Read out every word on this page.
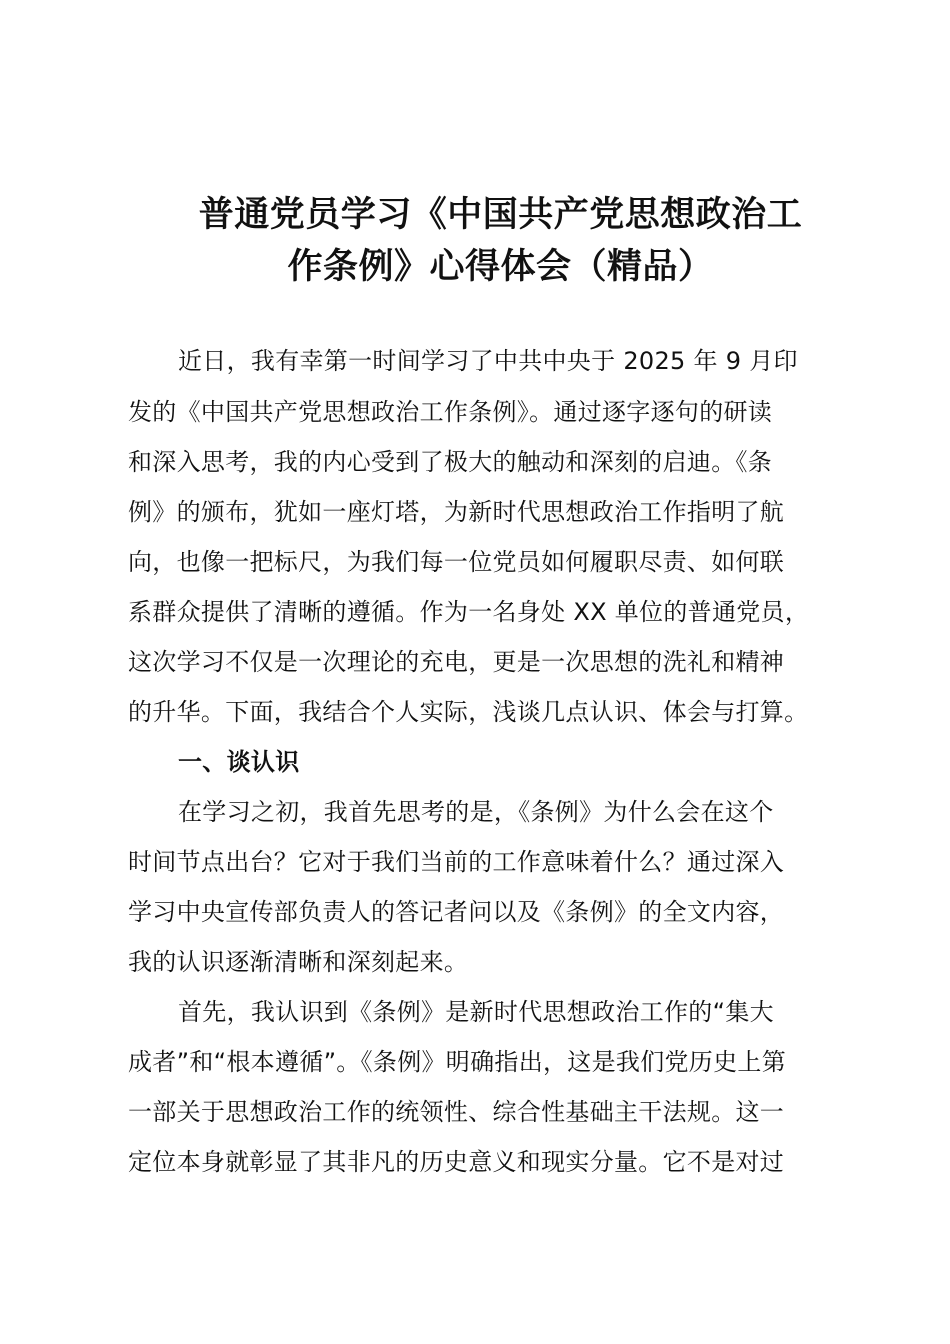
普通党员学习《中国共产党思想政治工
作条例》心得体会（精品）
近日，我有幸第一时间学习了中共中央于 2025 年 9 月印
发的《中国共产党思想政治工作条例》。通过逐字逐句的研读
和深入思考，我的内心受到了极大的触动和深刻的启迪。《条
例》的颁布，犹如一座灯塔，为新时代思想政治工作指明了航
向，也像一把标尺，为我们每一位党员如何履职尽责、如何联
系群众提供了清晰的遵循。作为一名身处 XX 单位的普通党员，
这次学习不仅是一次理论的充电，更是一次思想的洗礼和精神
的升华。下面，我结合个人实际，浅谈几点认识、体会与打算。
一、谈认识
在学习之初，我首先思考的是，《条例》为什么会在这个
时间节点出台？它对于我们当前的工作意味着什么？通过深入
学习中央宣传部负责人的答记者问以及《条例》的全文内容，
我的认识逐渐清晰和深刻起来。
首先，我认识到《条例》是新时代思想政治工作的“集大
成者”和“根本遵循”。《条例》明确指出，这是我们党历史上第
一部关于思想政治工作的统领性、综合性基础主干法规。这一
定位本身就彰显了其非凡的历史意义和现实分量。它不是对过
